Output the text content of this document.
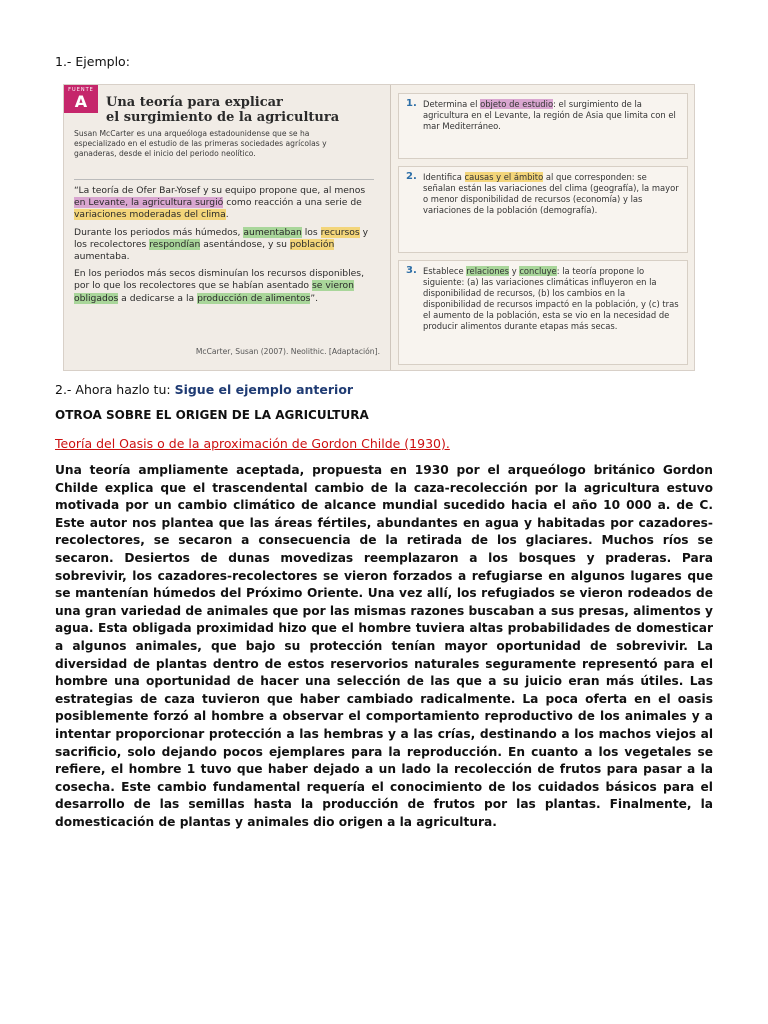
1.- Ejemplo:
FUENTE
A	Una teoría para explicar
el surgimiento de la agricultura
Susan McCarter es una arqueóloga estadounidense que se ha especializado en el estudio de las primeras sociedades agrícolas y ganaderas, desde el inicio del periodo neolítico.

“La teoría de Ofer Bar-Yosef y su equipo propone que, al menos en Levante, la agricultura surgió como reacción a una serie de variaciones moderadas del clima.

Durante los periodos más húmedos, aumentaban los recursos y los recolectores respondían asentándose, y su población aumentaba.

En los periodos más secos disminuían los recursos disponibles, por lo que los recolectores que se habían asentado se vieron obligados a dedicarse a la producción de alimentos”.

McCarter, Susan (2007). Neolithic. [Adaptación].
1. Determina el objeto de estudio: el surgimiento de la agricultura en el Levante, la región de Asia que limita con el mar Mediterráneo.
2. Identifica causas y el ámbito al que corresponden: se señalan están las variaciones del clima (geografía), la mayor o menor disponibilidad de recursos (economía) y las variaciones de la población (demografía).
3. Establece relaciones y concluye: la teoría propone lo siguiente: (a) las variaciones climáticas influyeron en la disponibilidad de recursos, (b) los cambios en la disponibilidad de recursos impactó en la población, y (c) tras el aumento de la población, esta se vio en la necesidad de producir alimentos durante etapas más secas.
2.- Ahora hazlo tu: Sigue el ejemplo anterior
OTROA SOBRE EL ORIGEN DE LA AGRICULTURA
Teoría del Oasis o de la aproximación de Gordon Childe (1930).
Una teoría ampliamente aceptada, propuesta en 1930 por el arqueólogo británico Gordon Childe explica que el trascendental cambio de la caza-recolección por la agricultura estuvo motivada por un cambio climático de alcance mundial sucedido hacia el año 10 000 a. de C. Este autor nos plantea que las áreas fértiles, abundantes en agua y habitadas por cazadores-recolectores, se secaron a consecuencia de la retirada de los glaciares. Muchos ríos se secaron. Desiertos de dunas movedizas reemplazaron a los bosques y praderas. Para sobrevivir, los cazadores-recolectores se vieron forzados a refugiarse en algunos lugares que se mantenían húmedos del Próximo Oriente. Una vez allí, los refugiados se vieron rodeados de una gran variedad de animales que por las mismas razones buscaban a sus presas, alimentos y agua. Esta obligada proximidad hizo que el hombre tuviera altas probabilidades de domesticar a algunos animales, que bajo su protección tenían mayor oportunidad de sobrevivir. La diversidad de plantas dentro de estos reservorios naturales seguramente representó para el hombre una oportunidad de hacer una selección de las que a su juicio eran más útiles. Las estrategias de caza tuvieron que haber cambiado radicalmente. La poca oferta en el oasis posiblemente forzó al hombre a observar el comportamiento reproductivo de los animales y a intentar proporcionar protección a las hembras y a las crías, destinando a los machos viejos al sacrificio, solo dejando pocos ejemplares para la reproducción. En cuanto a los vegetales se refiere, el hombre 1 tuvo que haber dejado a un lado la recolección de frutos para pasar a la cosecha. Este cambio fundamental requería el conocimiento de los cuidados básicos para el desarrollo de las semillas hasta la producción de frutos por las plantas. Finalmente, la domesticación de plantas y animales dio origen a la agricultura.
